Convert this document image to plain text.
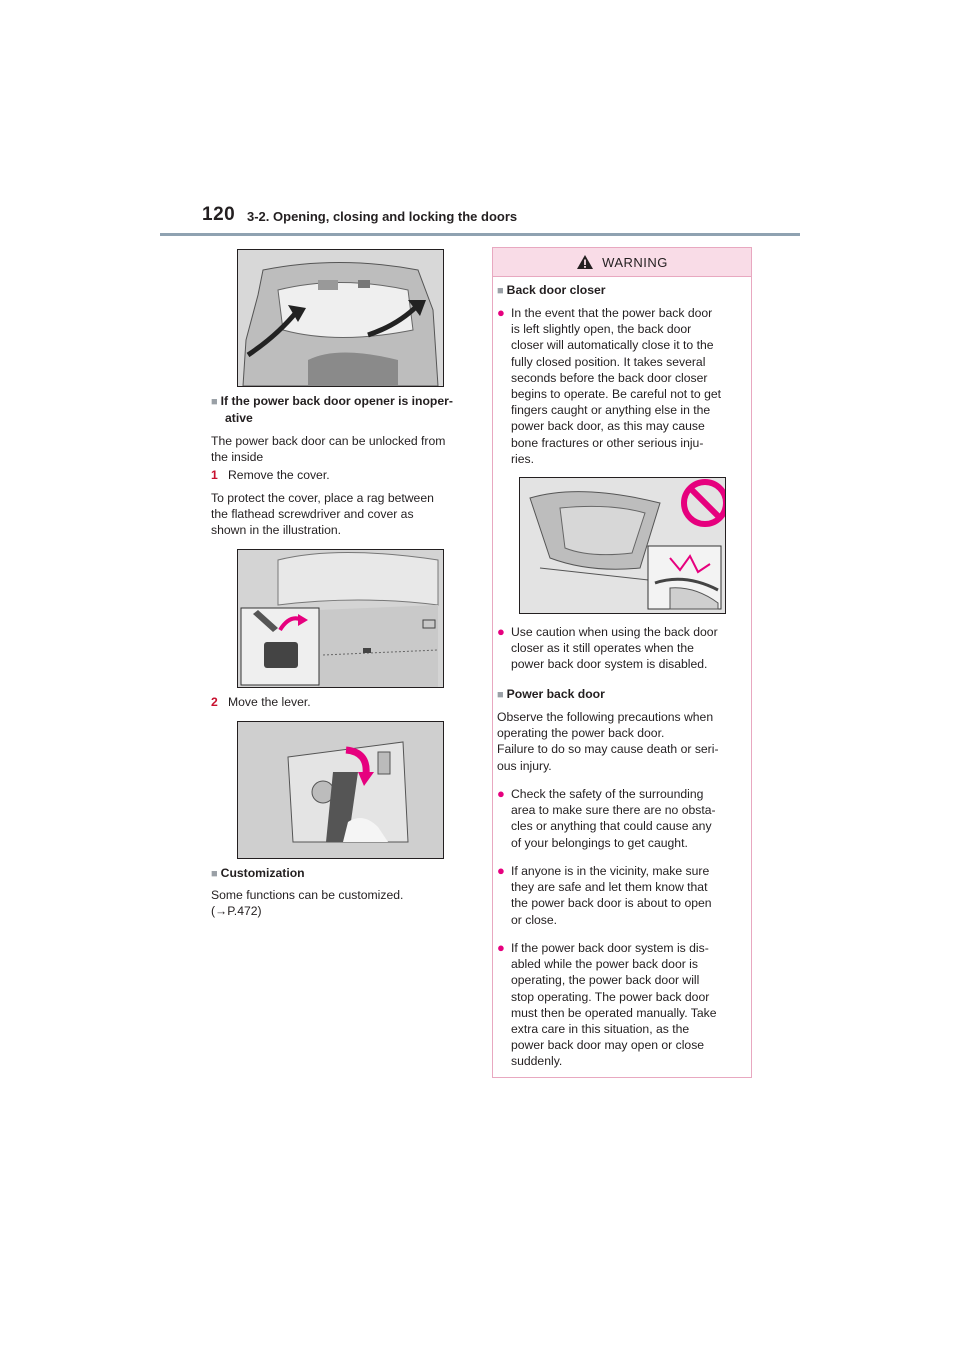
120 3-2. Opening, closing and locking the doors
■ If the power back door opener is inoper-
ative
The power back door can be unlocked from
the inside
1 Remove the cover.
To protect the cover, place a rag between
the flathead screwdriver and cover as
shown in the illustration.
2 Move the lever.
■ Customization
Some functions can be customized.
(→P.472)
WARNING
■ Back door closer
● In the event that the power back door
is left slightly open, the back door
closer will automatically close it to the
fully closed position. It takes several
seconds before the back door closer
begins to operate. Be careful not to get
fingers caught or anything else in the
power back door, as this may cause
bone fractures or other serious inju-
ries.
● Use caution when using the back door
closer as it still operates when the
power back door system is disabled.
■ Power back door
Observe the following precautions when
operating the power back door.
Failure to do so may cause death or seri-
ous injury.
● Check the safety of the surrounding
area to make sure there are no obsta-
cles or anything that could cause any
of your belongings to get caught.
● If anyone is in the vicinity, make sure
they are safe and let them know that
the power back door is about to open
or close.
● If the power back door system is dis-
abled while the power back door is
operating, the power back door will
stop operating. The power back door
must then be operated manually. Take
extra care in this situation, as the
power back door may open or close
suddenly.
